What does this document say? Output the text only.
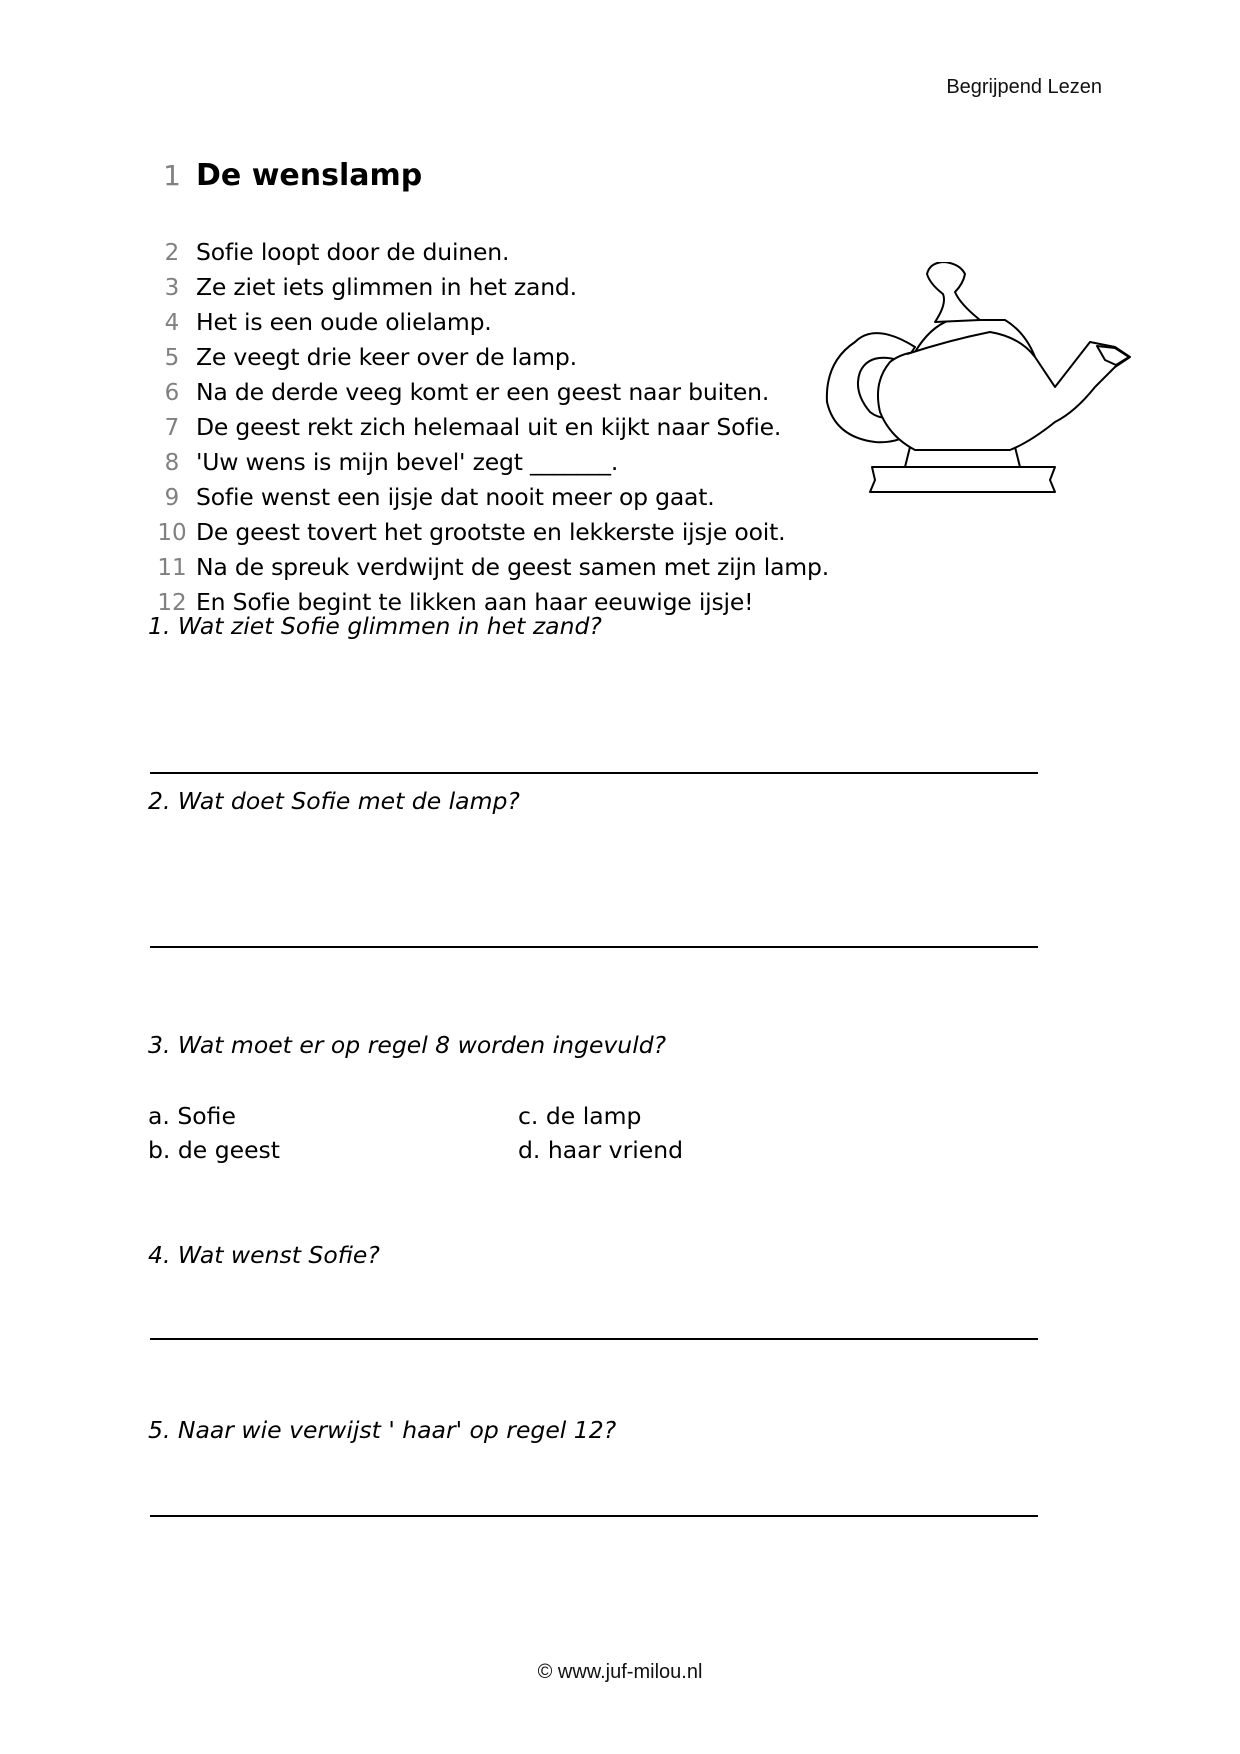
Begrijpend Lezen
1 De wenslamp
2 Sofie loopt door de duinen.
3 Ze ziet iets glimmen in het zand.
4 Het is een oude olielamp.
5 Ze veegt drie keer over de lamp.
6 Na de derde veeg komt er een geest naar buiten.
7 De geest rekt zich helemaal uit en kijkt naar Sofie.
8 'Uw wens is mijn bevel' zegt _______.
9 Sofie wenst een ijsje dat nooit meer op gaat.
10 De geest tovert het grootste en lekkerste ijsje ooit.
11 Na de spreuk verdwijnt de geest samen met zijn lamp.
12 En Sofie begint te likken aan haar eeuwige ijsje!
1. Wat ziet Sofie glimmen in het zand?
2. Wat doet Sofie met de lamp?
3. Wat moet er op regel 8 worden ingevuld?
a. Sofie
b. de geest
c. de lamp
d. haar vriend
4. Wat wenst Sofie?
5. Naar wie verwijst ' haar' op regel 12?
© www.juf-milou.nl
